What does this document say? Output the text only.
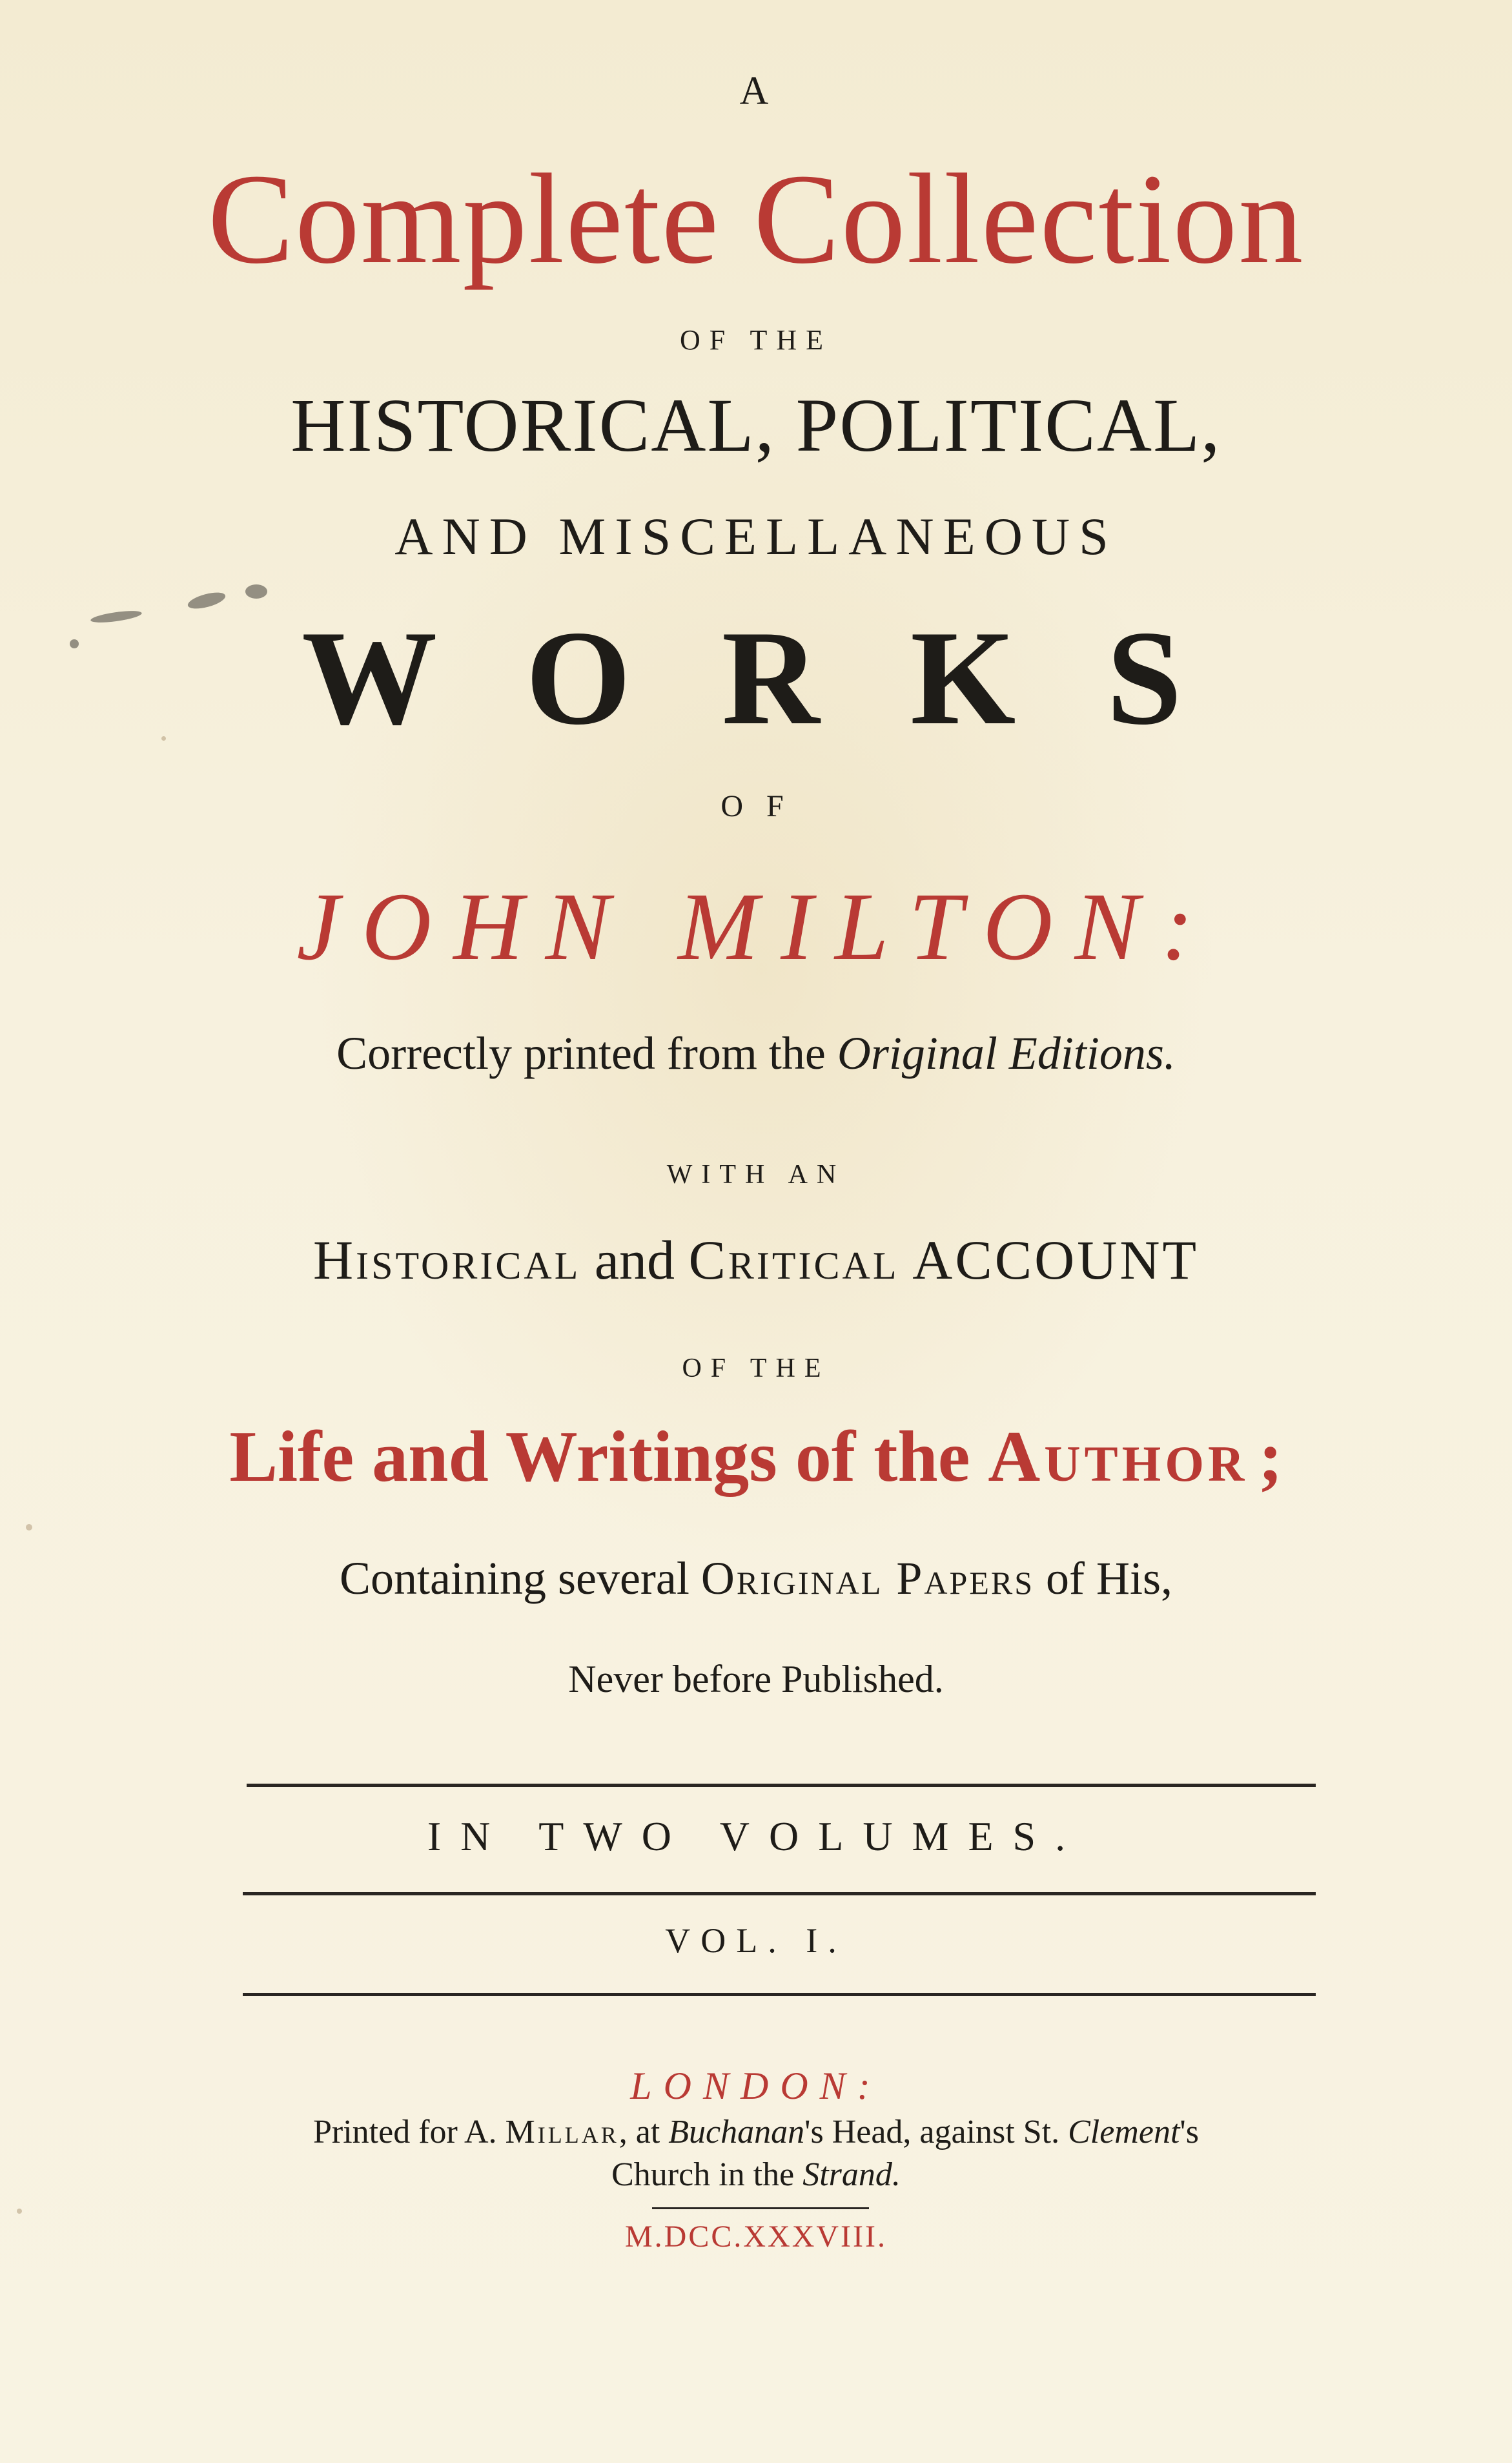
A
Complete Collection
OF THE
HISTORICAL, POLITICAL,
AND MISCELLANEOUS
W O R K S
O F
JOHN MILTON:
Correctly printed from the Original Editions.
WITH AN
Historical and Critical ACCOUNT
OF THE
Life and Writings of the Author ;
Containing several Original Papers of His,
Never before Published.
IN TWO VOLUMES.
VOL. I.
LONDON:
Printed for A. Millar, at Buchanan's Head, against St. Clement's
Church in the Strand.
M.DCC.XXXVIII.
